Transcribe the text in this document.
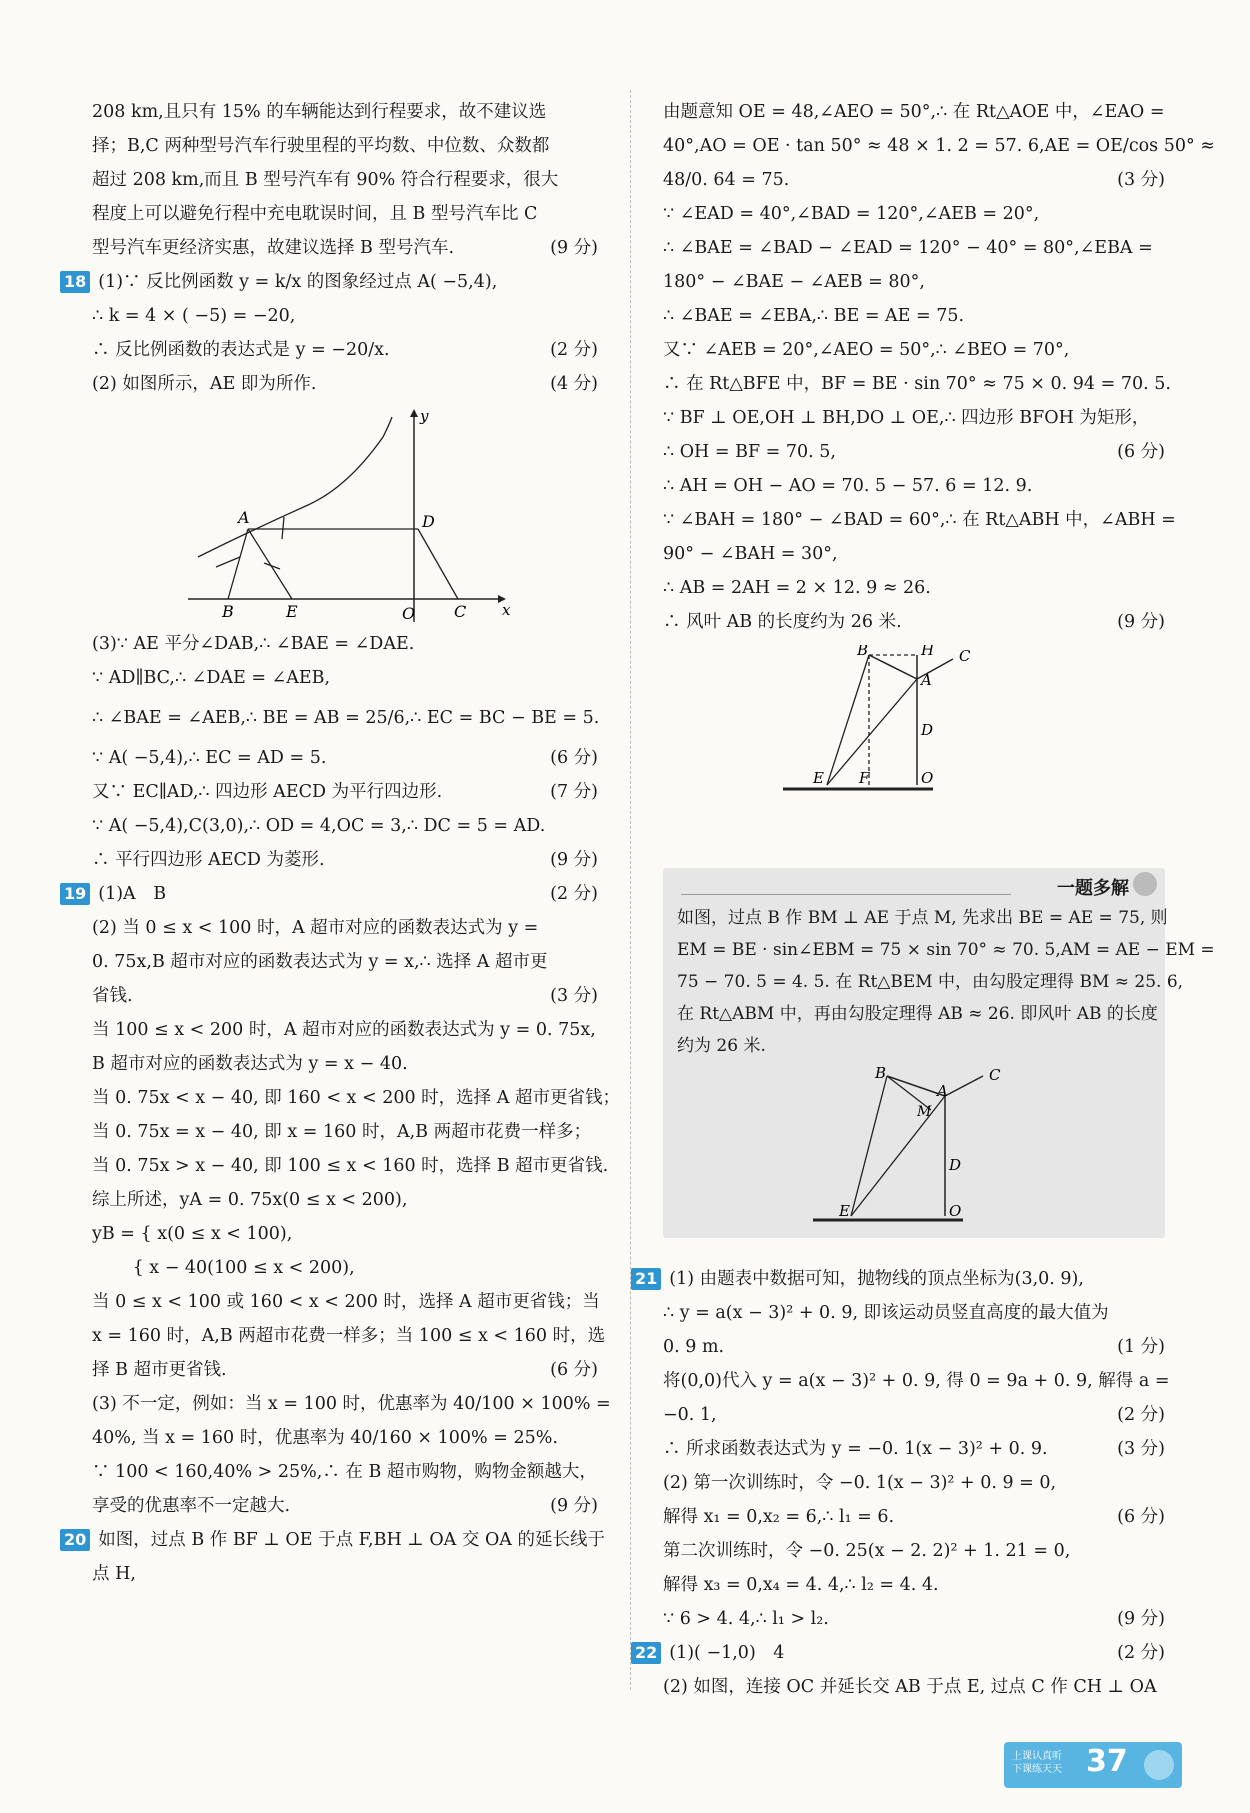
208 km,且只有 15% 的车辆能达到行程要求，故不建议选
择；B,C 两种型号汽车行驶里程的平均数、中位数、众数都
超过 208 km,而且 B 型号汽车有 90% 符合行程要求，很大
程度上可以避免行程中充电耽误时间，且 B 型号汽车比 C
型号汽车更经济实惠，故建议选择 B 型号汽车.	(9 分)
18 (1)∵ 反比例函数 y = k/x 的图象经过点 A( −5,4),
∴ k = 4 × ( −5) = −20,
∴ 反比例函数的表达式是 y = −20/x.	(2 分)
(2) 如图所示，AE 即为所作.	(4 分)
A	D
B	E	O C x
y
(3)∵ AE 平分∠DAB,∴ ∠BAE = ∠DAE.
∵ AD∥BC,∴ ∠DAE = ∠AEB,
∴ ∠BAE = ∠AEB,∴ BE = AB = 25/6,∴ EC = BC − BE = 5.
∵ A( −5,4),∴ EC = AD = 5.	(6 分)
又∵ EC∥AD,∴ 四边形 AECD 为平行四边形.	(7 分)
∵ A( −5,4),C(3,0),∴ OD = 4,OC = 3,∴ DC = 5 = AD.
∴ 平行四边形 AECD 为菱形.	(9 分)
19 (1)A　B	(2 分)
(2) 当 0 ≤ x < 100 时，A 超市对应的函数表达式为 y =
0. 75x,B 超市对应的函数表达式为 y = x,∴ 选择 A 超市更
省钱.	(3 分)
当 100 ≤ x < 200 时，A 超市对应的函数表达式为 y = 0. 75x,
B 超市对应的函数表达式为 y = x − 40.
当 0. 75x < x − 40, 即 160 < x < 200 时，选择 A 超市更省钱；
当 0. 75x = x − 40, 即 x = 160 时，A,B 两超市花费一样多；
当 0. 75x > x − 40, 即 100 ≤ x < 160 时，选择 B 超市更省钱.
综上所述，yA = 0. 75x(0 ≤ x < 200),
yB = { x(0 ≤ x < 100),
　　 { x − 40(100 ≤ x < 200),
当 0 ≤ x < 100 或 160 < x < 200 时，选择 A 超市更省钱；当
x = 160 时，A,B 两超市花费一样多；当 100 ≤ x < 160 时，选
择 B 超市更省钱.	(6 分)
(3) 不一定，例如：当 x = 100 时，优惠率为 40/100 × 100% =
40%, 当 x = 160 时，优惠率为 40/160 × 100% = 25%.
∵ 100 < 160,40% > 25%,∴ 在 B 超市购物，购物金额越大，
享受的优惠率不一定越大.	(9 分)
20 如图，过点 B 作 BF ⊥ OE 于点 F,BH ⊥ OA 交 OA 的延长线于
点 H,
由题意知 OE = 48,∠AEO = 50°,∴ 在 Rt△AOE 中，∠EAO =
40°,AO = OE · tan 50° ≈ 48 × 1. 2 = 57. 6,AE = OE/cos 50° ≈
48/0. 64 = 75.	(3 分)
∵ ∠EAD = 40°,∠BAD = 120°,∠AEB = 20°,
∴ ∠BAE = ∠BAD − ∠EAD = 120° − 40° = 80°,∠EBA =
180° − ∠BAE − ∠AEB = 80°,
∴ ∠BAE = ∠EBA,∴ BE = AE = 75.
又∵ ∠AEB = 20°,∠AEO = 50°,∴ ∠BEO = 70°,
∴ 在 Rt△BFE 中，BF = BE · sin 70° ≈ 75 × 0. 94 = 70. 5.
∵ BF ⊥ OE,OH ⊥ BH,DO ⊥ OE,∴ 四边形 BFOH 为矩形，
∴ OH = BF = 70. 5,	(6 分)
∴ AH = OH − AO = 70. 5 − 57. 6 = 12. 9.
∵ ∠BAH = 180° − ∠BAD = 60°,∴ 在 Rt△ABH 中，∠ABH =
90° − ∠BAH = 30°,
∴ AB = 2AH = 2 × 12. 9 ≈ 26.
∴ 风叶 AB 的长度约为 26 米.	(9 分)
B	H C
A
D
E F	O
一题多解
如图，过点 B 作 BM ⊥ AE 于点 M, 先求出 BE = AE = 75, 则
EM = BE · sin∠EBM = 75 × sin 70° ≈ 70. 5,AM = AE − EM =
75 − 70. 5 = 4. 5. 在 Rt△BEM 中，由勾股定理得 BM ≈ 25. 6,
在 Rt△ABM 中，再由勾股定理得 AB ≈ 26. 即风叶 AB 的长度
约为 26 米.
B	C
A
M
D
E	O
21 (1) 由题表中数据可知，抛物线的顶点坐标为(3,0. 9),
∴ y = a(x − 3)² + 0. 9, 即该运动员竖直高度的最大值为
0. 9 m.	(1 分)
将(0,0)代入 y = a(x − 3)² + 0. 9, 得 0 = 9a + 0. 9, 解得 a =
−0. 1,	(2 分)
∴ 所求函数表达式为 y = −0. 1(x − 3)² + 0. 9.	(3 分)
(2) 第一次训练时，令 −0. 1(x − 3)² + 0. 9 = 0,
解得 x₁ = 0,x₂ = 6,∴ l₁ = 6.	(6 分)
第二次训练时，令 −0. 25(x − 2. 2)² + 1. 21 = 0,
解得 x₃ = 0,x₄ = 4. 4,∴ l₂ = 4. 4.
∵ 6 > 4. 4,∴ l₁ > l₂.	(9 分)
22 (1)( −1,0)　4	(2 分)
(2) 如图，连接 OC 并延长交 AB 于点 E, 过点 C 作 CH ⊥ OA
上课认真听
下课练天天 37
